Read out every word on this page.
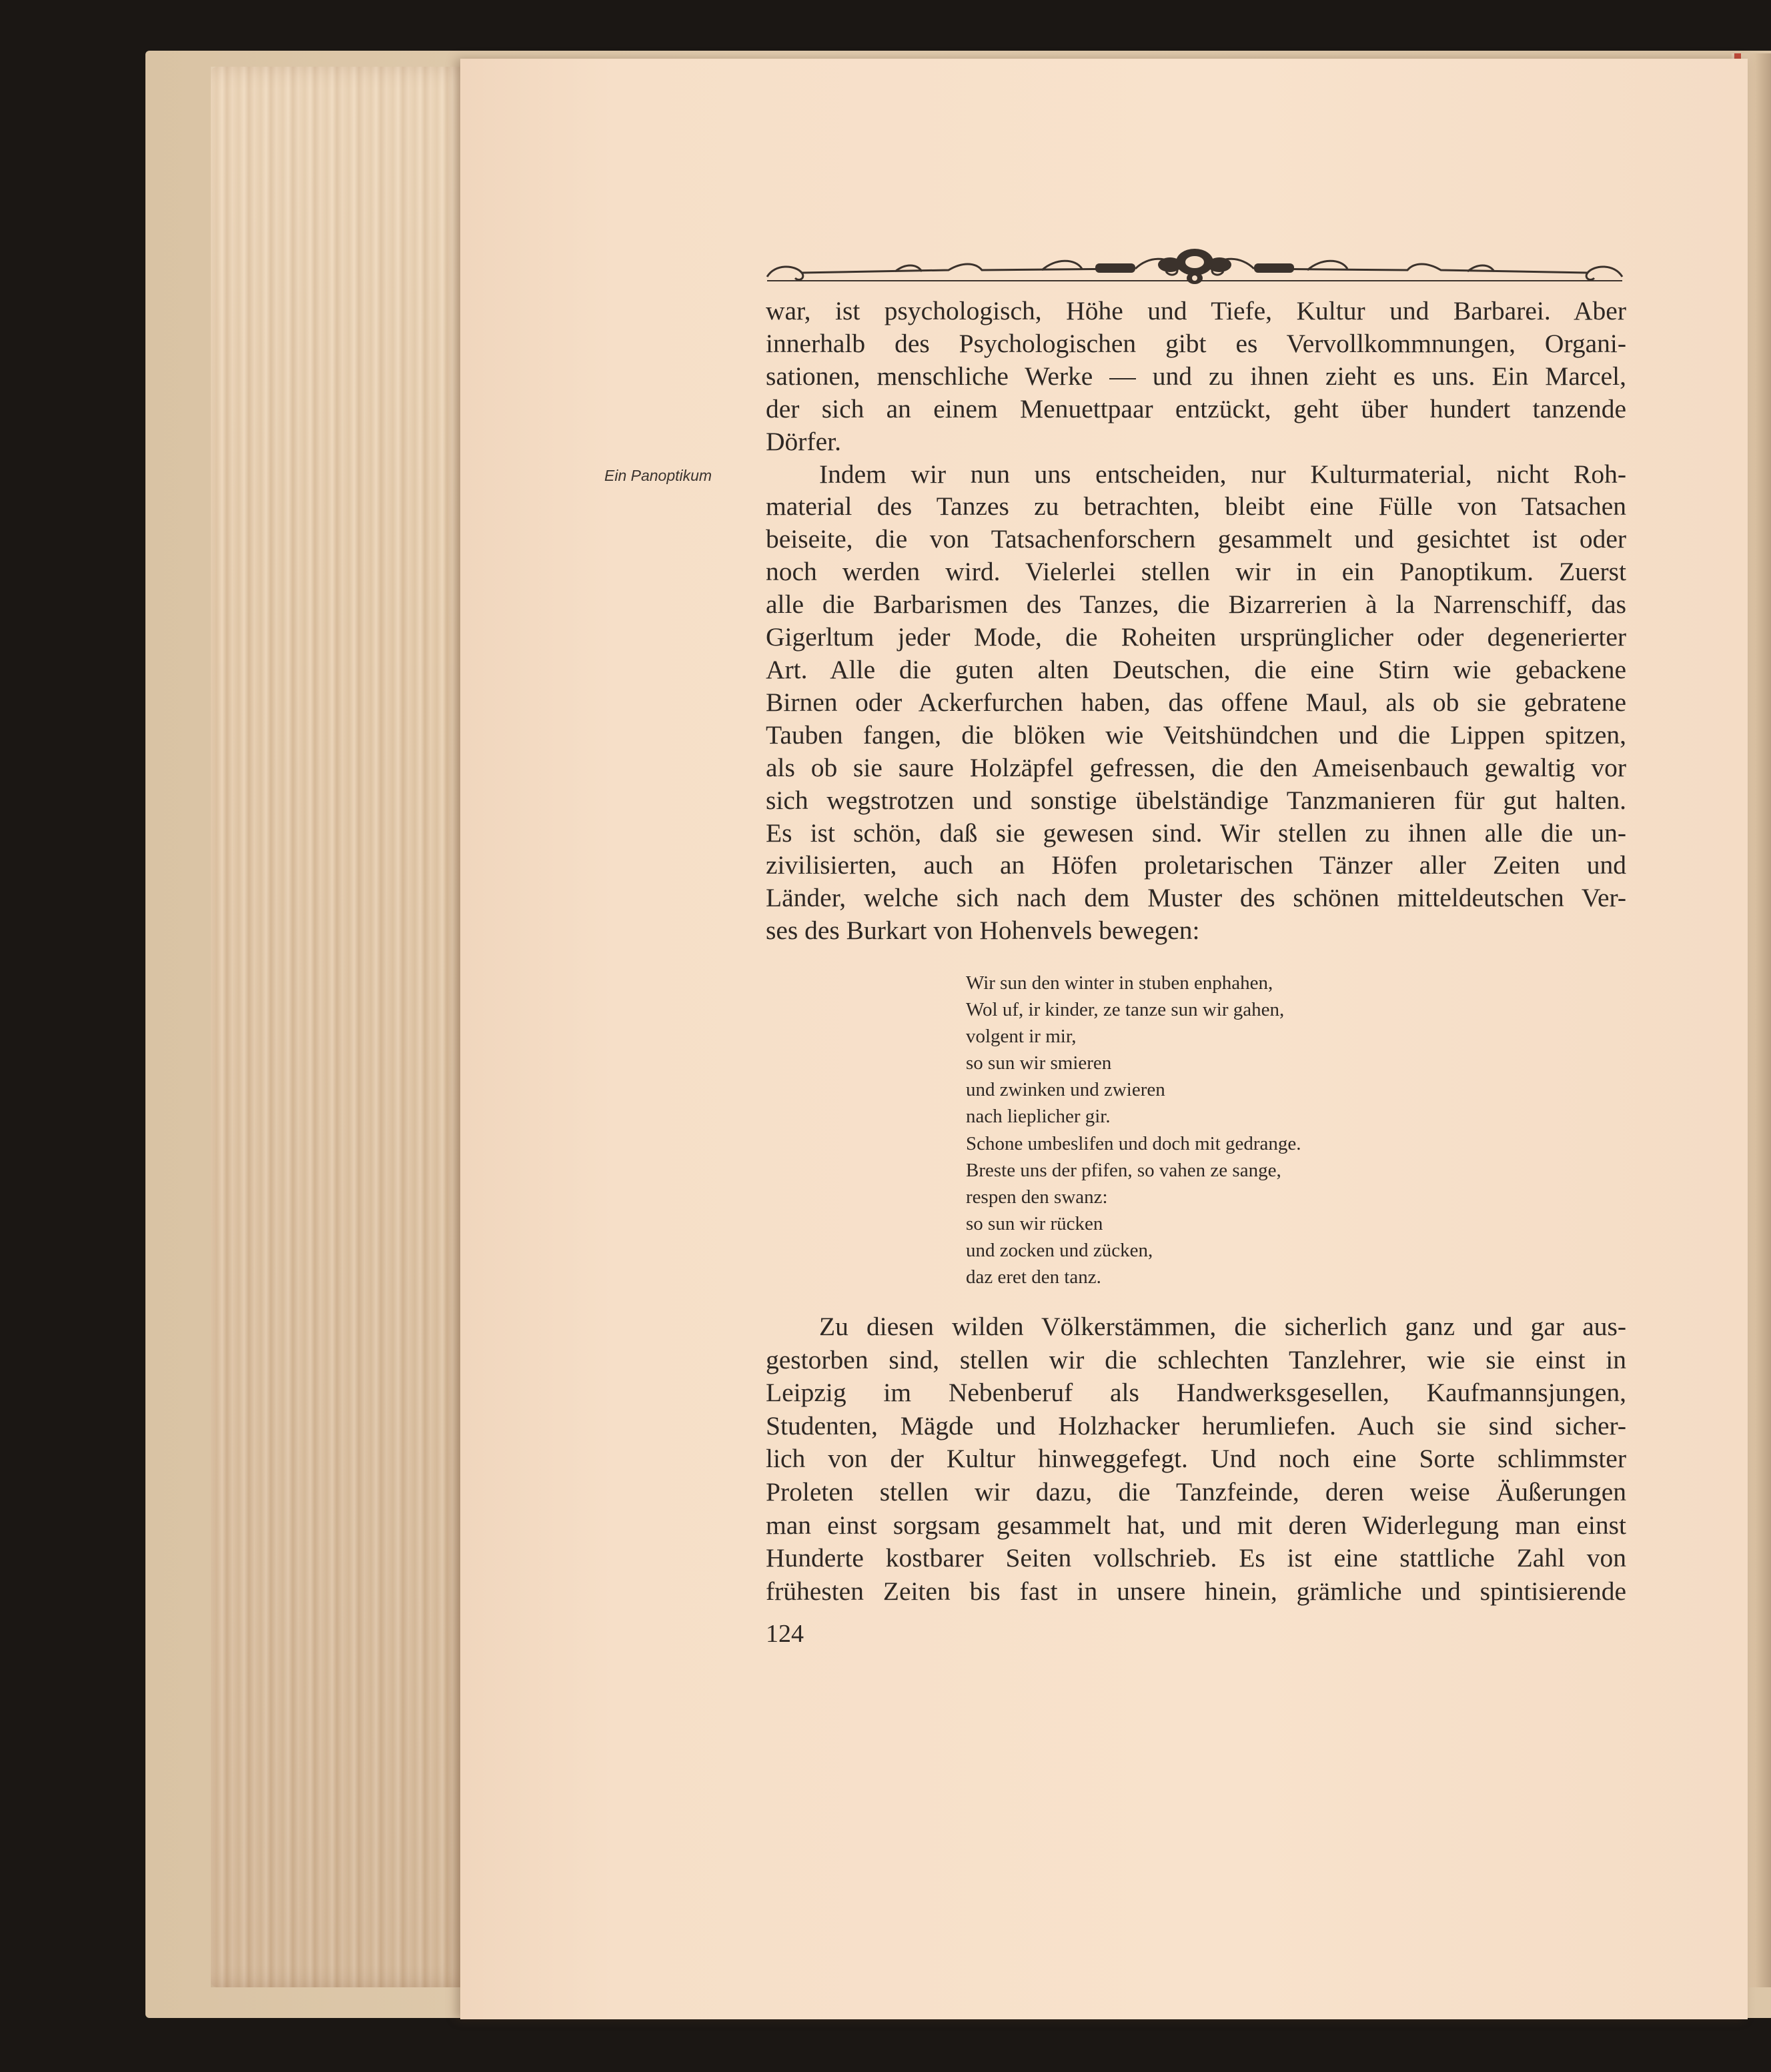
Ein Panoptikum
war, ist psychologisch, Höhe und Tiefe, Kultur und Barbarei. Aber
innerhalb des Psychologischen gibt es Vervollkommnungen, Organi-
sationen, menschliche Werke — und zu ihnen zieht es uns. Ein Marcel,
der sich an einem Menuettpaar entzückt, geht über hundert tanzende
Dörfer.
Indem wir nun uns entscheiden, nur Kulturmaterial, nicht Roh-
material des Tanzes zu betrachten, bleibt eine Fülle von Tatsachen
beiseite, die von Tatsachenforschern gesammelt und gesichtet ist oder
noch werden wird. Vielerlei stellen wir in ein Panoptikum. Zuerst
alle die Barbarismen des Tanzes, die Bizarrerien à la Narrenschiff, das
Gigerltum jeder Mode, die Roheiten ursprünglicher oder degenerierter
Art. Alle die guten alten Deutschen, die eine Stirn wie gebackene
Birnen oder Ackerfurchen haben, das offene Maul, als ob sie gebratene
Tauben fangen, die blöken wie Veitshündchen und die Lippen spitzen,
als ob sie saure Holzäpfel gefressen, die den Ameisenbauch gewaltig vor
sich wegstrotzen und sonstige übelständige Tanzmanieren für gut halten.
Es ist schön, daß sie gewesen sind. Wir stellen zu ihnen alle die un-
zivilisierten, auch an Höfen proletarischen Tänzer aller Zeiten und
Länder, welche sich nach dem Muster des schönen mitteldeutschen Ver-
ses des Burkart von Hohenvels bewegen:
Wir sun den winter in stuben enphahen,
Wol uf, ir kinder, ze tanze sun wir gahen,
volgent ir mir,
so sun wir smieren
und zwinken und zwieren
nach lieplicher gir.
Schone umbeslifen und doch mit gedrange.
Breste uns der pfifen, so vahen ze sange,
respen den swanz:
so sun wir rücken
und zocken und zücken,
daz eret den tanz.
Zu diesen wilden Völkerstämmen, die sicherlich ganz und gar aus-
gestorben sind, stellen wir die schlechten Tanzlehrer, wie sie einst in
Leipzig im Nebenberuf als Handwerksgesellen, Kaufmannsjungen,
Studenten, Mägde und Holzhacker herumliefen. Auch sie sind sicher-
lich von der Kultur hinweggefegt. Und noch eine Sorte schlimmster
Proleten stellen wir dazu, die Tanzfeinde, deren weise Äußerungen
man einst sorgsam gesammelt hat, und mit deren Widerlegung man einst
Hunderte kostbarer Seiten vollschrieb. Es ist eine stattliche Zahl von
frühesten Zeiten bis fast in unsere hinein, grämliche und spintisierende
124
